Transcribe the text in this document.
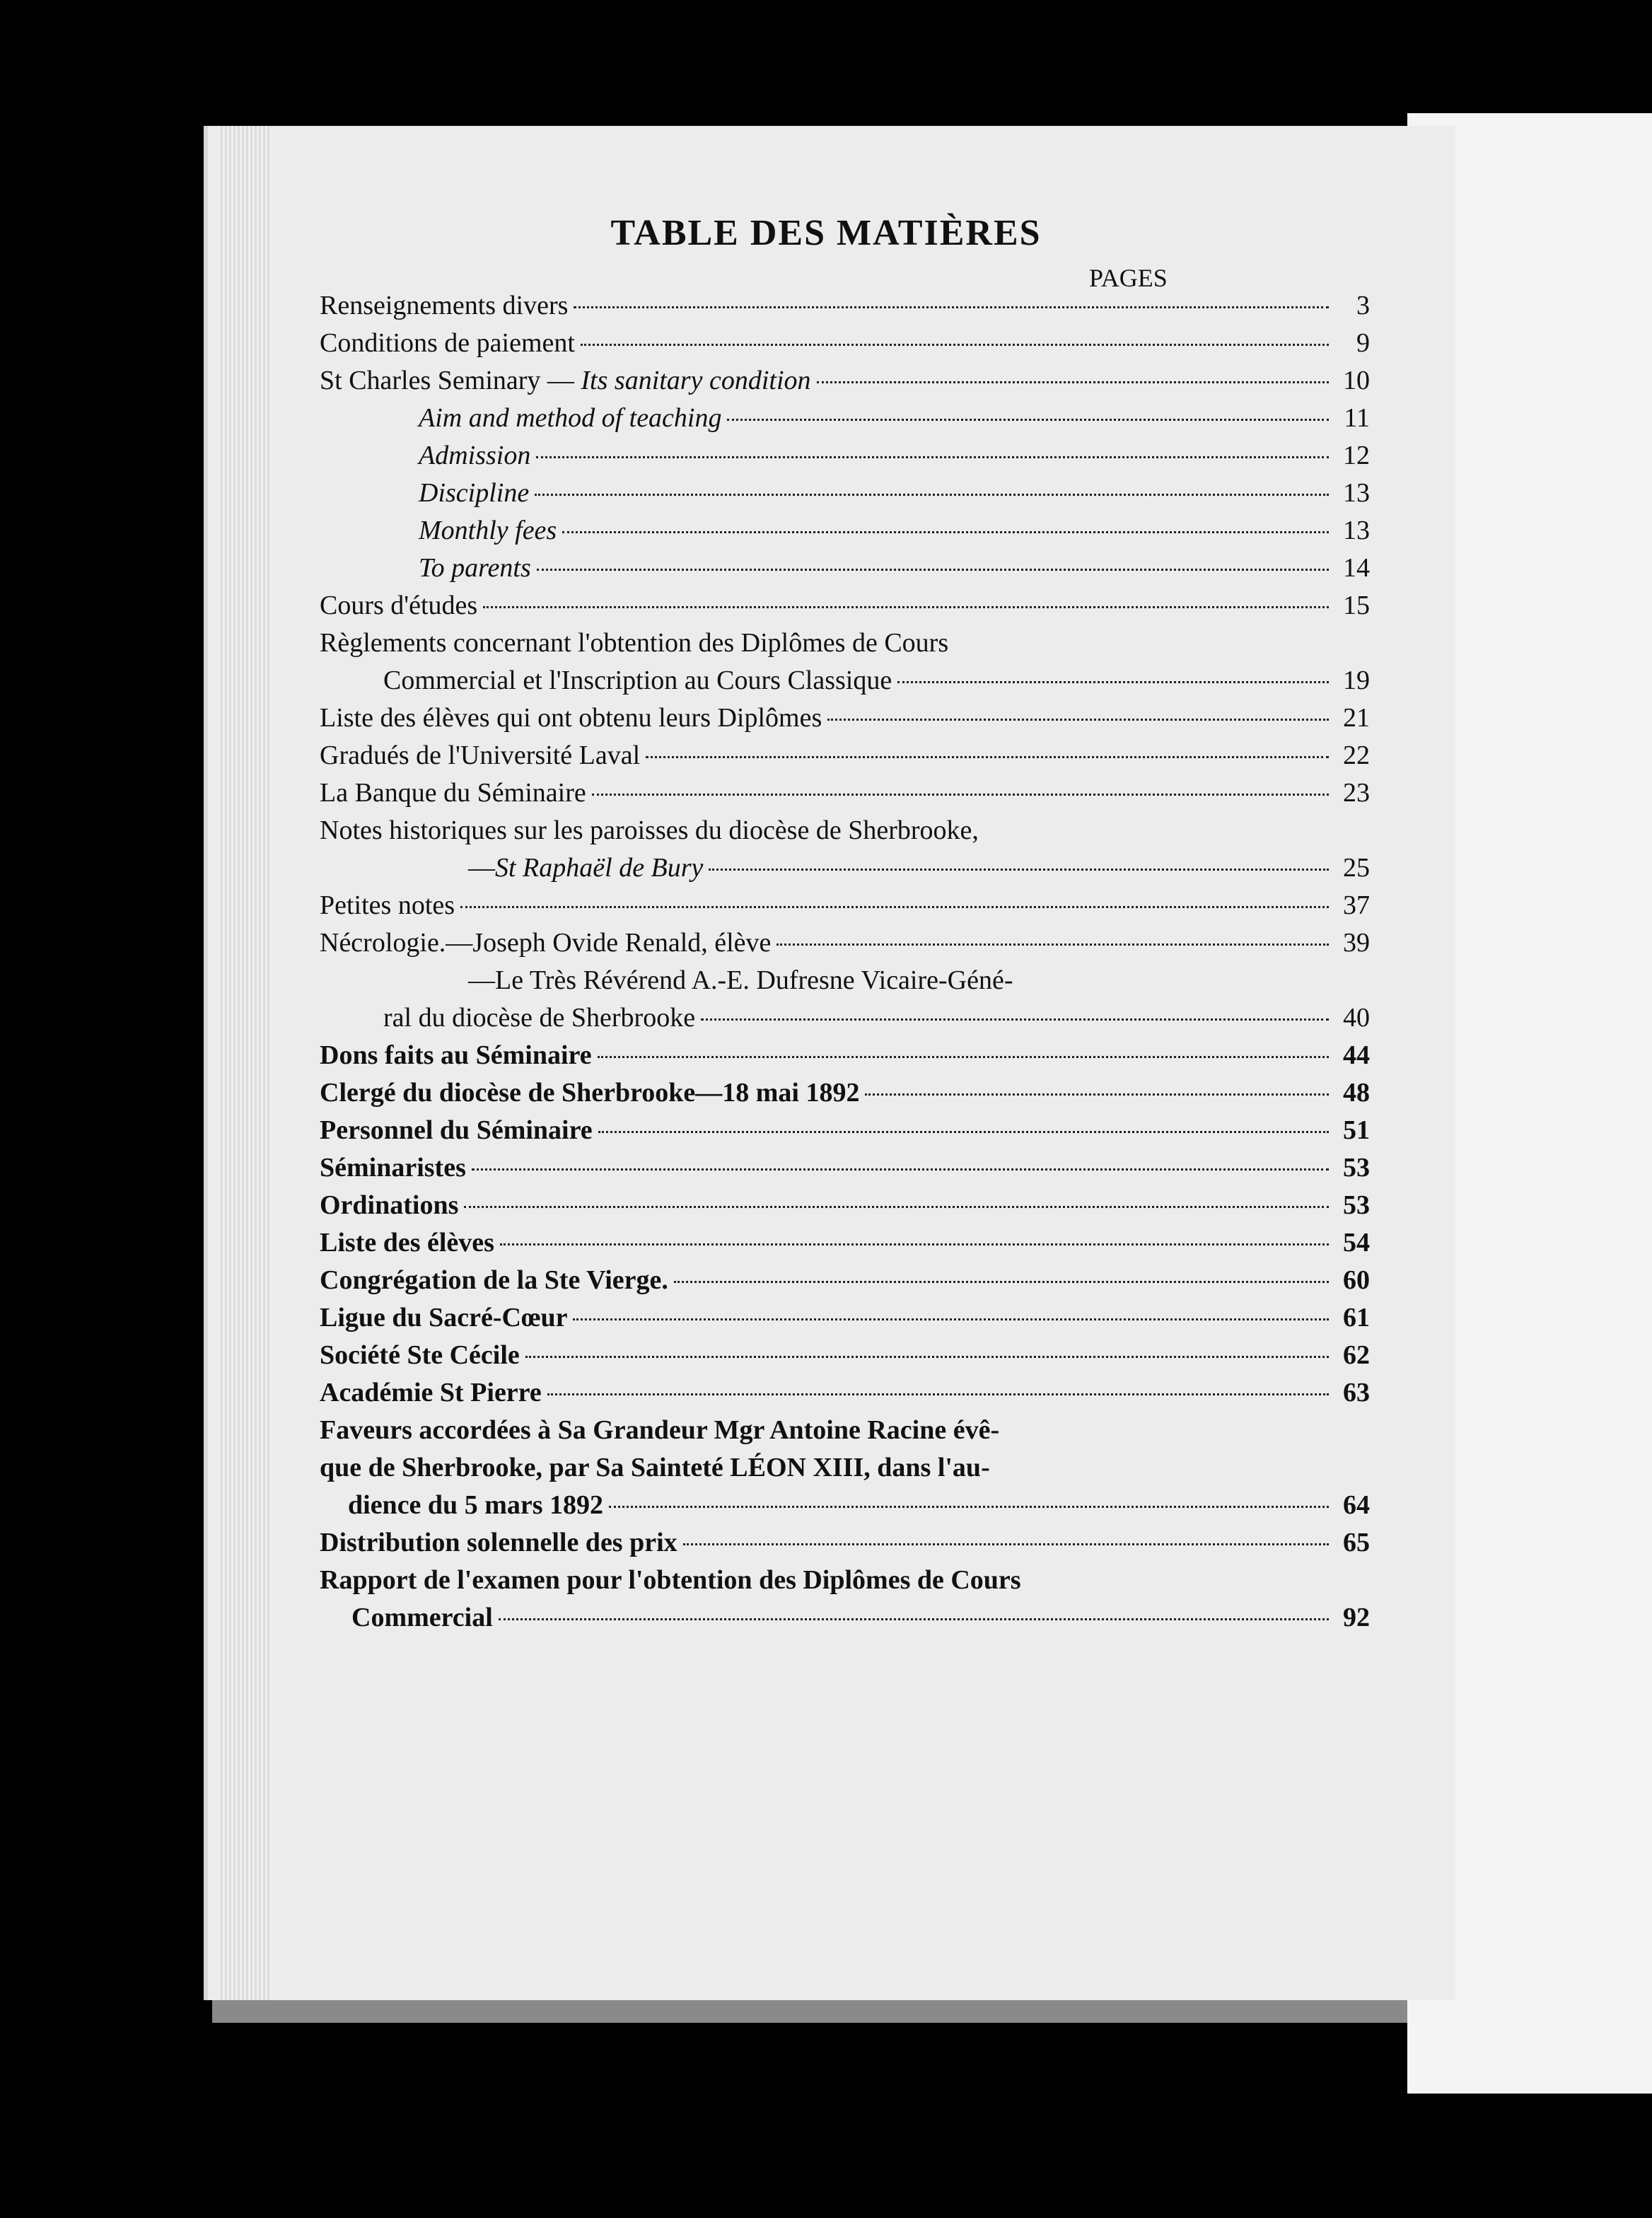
TABLE DES MATIÈRES
PAGES
Renseignements divers	3
Conditions de paiement	9
St Charles Seminary — Its sanitary condition	10
Aim and method of teaching	11
Admission	12
Discipline	13
Monthly fees	13
To parents	14
Cours d'études	15
Règlements concernant l'obtention des Diplômes de Cours
Commercial et l'Inscription au Cours Classique	19
Liste des élèves qui ont obtenu leurs Diplômes	21
Gradués de l'Université Laval	22
La Banque du Séminaire	23
Notes historiques sur les paroisses du diocèse de Sherbrooke,
—St Raphaël de Bury	25
Petites notes	37
Nécrologie.—Joseph Ovide Renald, élève	39
—Le Très Révérend A.-E. Dufresne Vicaire-Géné-
ral du diocèse de Sherbrooke	40
Dons faits au Séminaire	44
Clergé du diocèse de Sherbrooke—18 mai 1892	48
Personnel du Séminaire	51
Séminaristes	53
Ordinations	53
Liste des élèves	54
Congrégation de la Ste Vierge.	60
Ligue du Sacré-Cœur	61
Société Ste Cécile	62
Académie St Pierre	63
Faveurs accordées à Sa Grandeur Mgr Antoine Racine évê-
que de Sherbrooke, par Sa Sainteté LÉON XIII, dans l'au-
dience du 5 mars 1892	64
Distribution solennelle des prix	65
Rapport de l'examen pour l'obtention des Diplômes de Cours
Commercial	92
